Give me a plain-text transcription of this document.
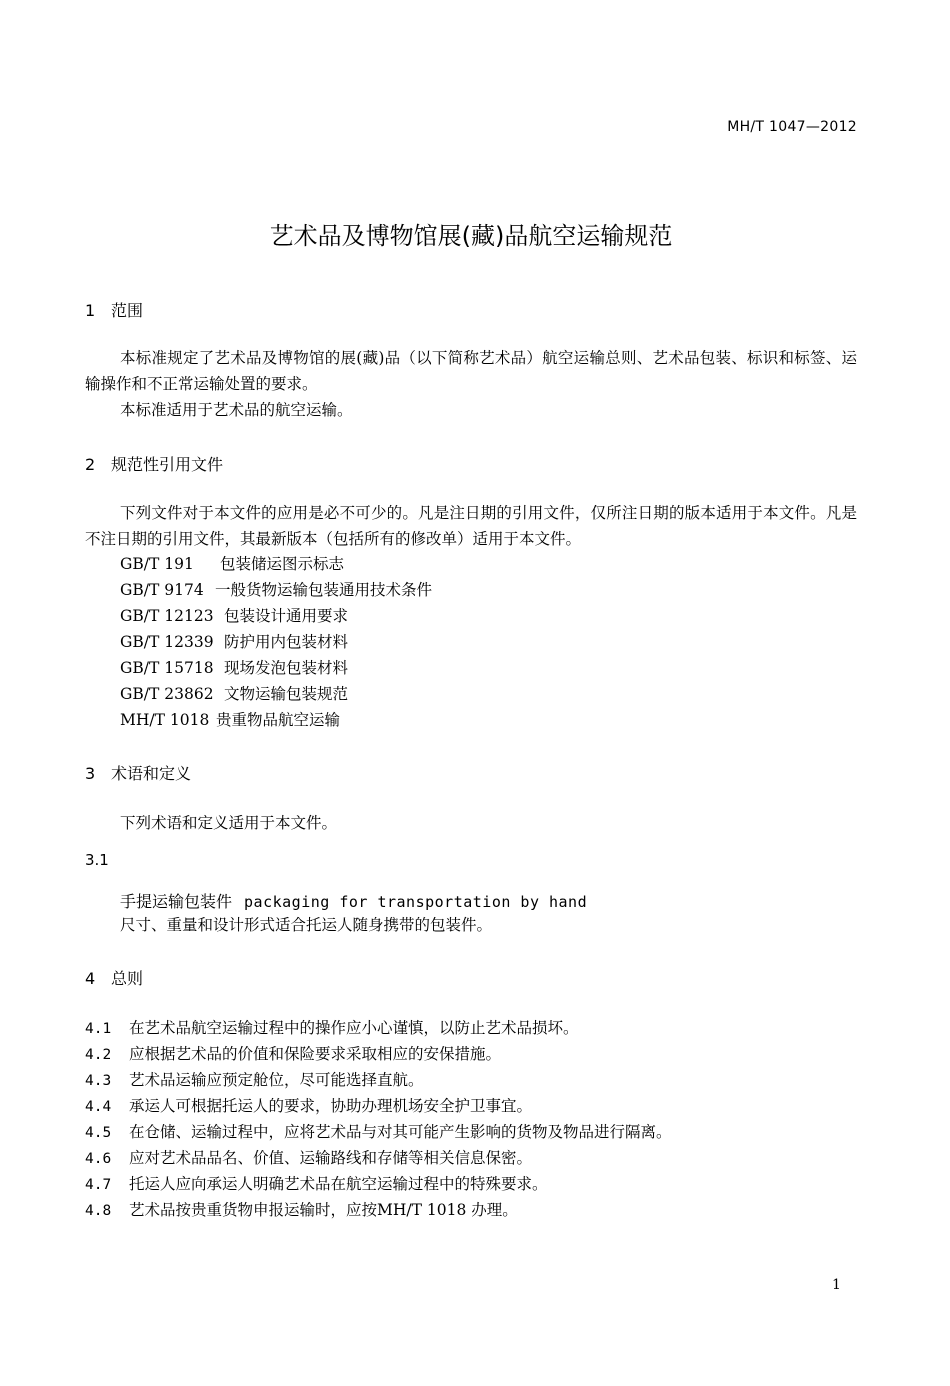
MH/T 1047—2012
艺术品及博物馆展(藏)品航空运输规范
1 范围
本标准规定了艺术品及博物馆的展(藏)品（以下简称艺术品）航空运输总则、艺术品包装、标识和标签、运输操作和不正常运输处置的要求。
本标准适用于艺术品的航空运输。
2 规范性引用文件
下列文件对于本文件的应用是必不可少的。凡是注日期的引用文件，仅所注日期的版本适用于本文件。凡是不注日期的引用文件，其最新版本（包括所有的修改单）适用于本文件。
GB/T 191 包装储运图示标志
GB/T 9174 一般货物运输包装通用技术条件
GB/T 12123 包装设计通用要求
GB/T 12339 防护用内包装材料
GB/T 15718 现场发泡包装材料
GB/T 23862 文物运输包装规范
MH/T 1018 贵重物品航空运输
3 术语和定义
下列术语和定义适用于本文件。
3.1
手提运输包装件 packaging for transportation by hand
尺寸、重量和设计形式适合托运人随身携带的包装件。
4 总则
4.1 在艺术品航空运输过程中的操作应小心谨慎，以防止艺术品损坏。
4.2 应根据艺术品的价值和保险要求采取相应的安保措施。
4.3 艺术品运输应预定舱位，尽可能选择直航。
4.4 承运人可根据托运人的要求，协助办理机场安全护卫事宜。
4.5 在仓储、运输过程中，应将艺术品与对其可能产生影响的货物及物品进行隔离。
4.6 应对艺术品品名、价值、运输路线和存储等相关信息保密。
4.7 托运人应向承运人明确艺术品在航空运输过程中的特殊要求。
4.8 艺术品按贵重货物申报运输时，应按MH/T 1018 办理。
1
